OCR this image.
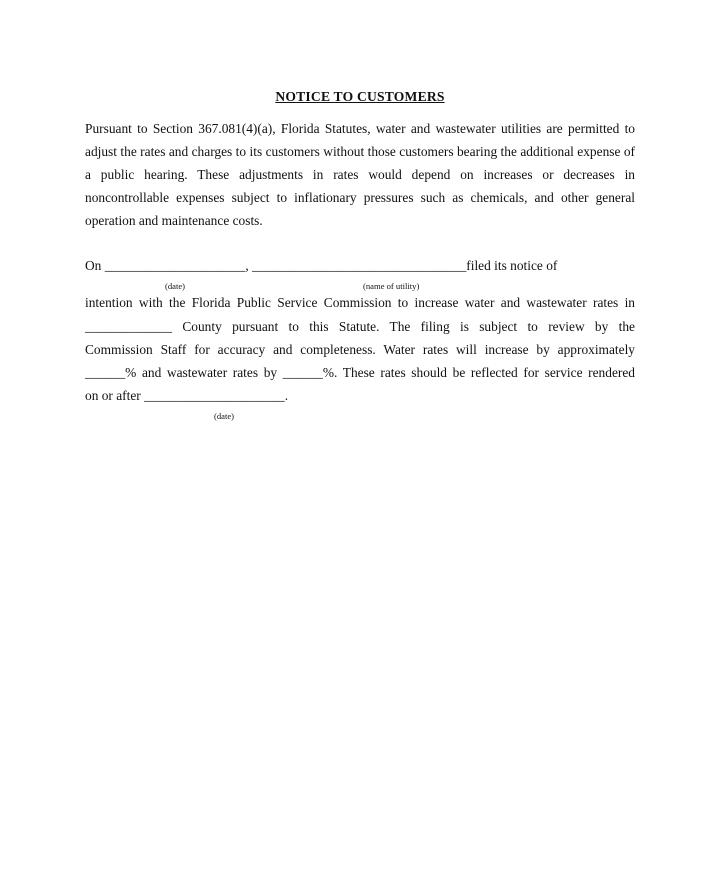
NOTICE TO CUSTOMERS
Pursuant to Section 367.081(4)(a), Florida Statutes, water and wastewater utilities are permitted to adjust the rates and charges to its customers without those customers bearing the additional expense of a public hearing. These adjustments in rates would depend on increases or decreases in noncontrollable expenses subject to inflationary pressures such as chemicals, and other general operation and maintenance costs.
On _____________________, ________________________________filed its notice of
(date)	(name of utility)
intention with the Florida Public Service Commission to increase water and wastewater rates in
_____________ County pursuant to this Statute. The filing is subject to review by the
Commission Staff for accuracy and completeness. Water rates will increase by approximately
______% and wastewater rates by ______%. These rates should be reflected for service rendered
on or after _____________________.
(date)
